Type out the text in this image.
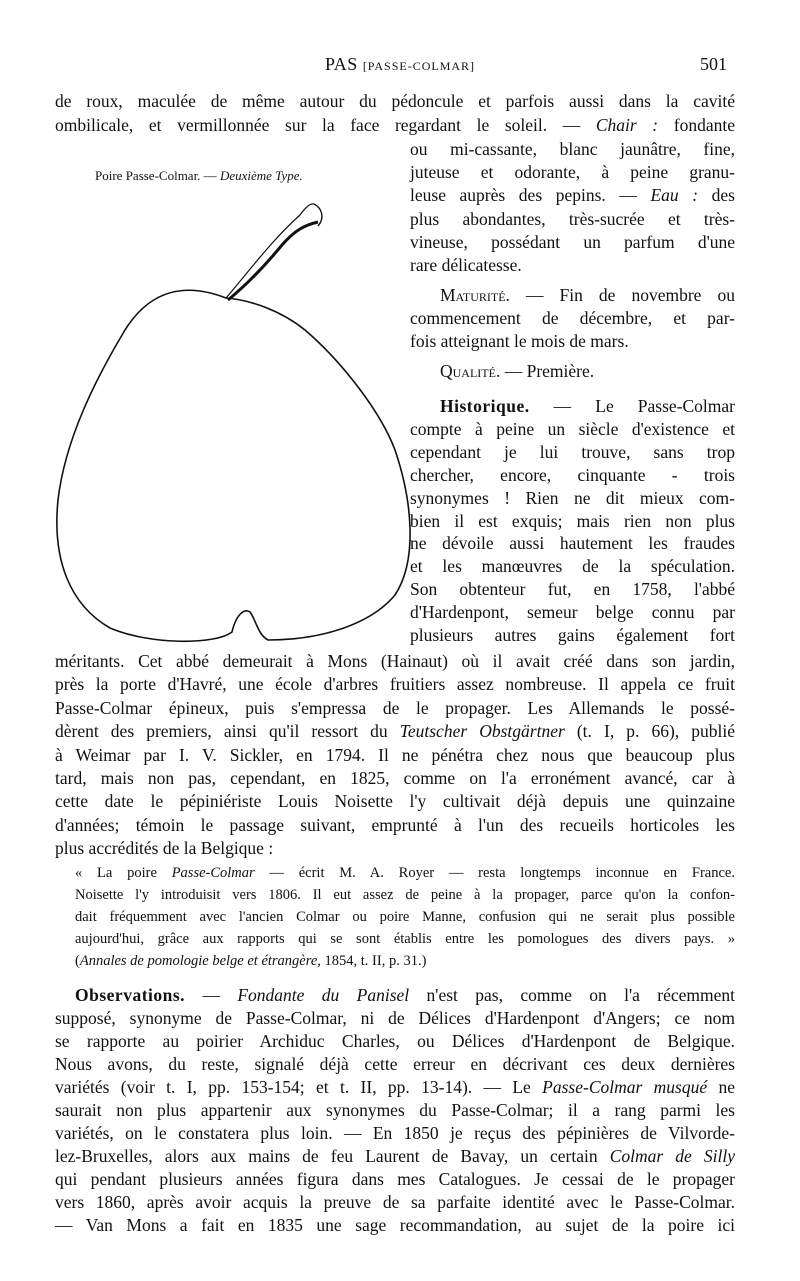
PAS [PASSE-COLMAR]	501
Poire Passe-Colmar. — Deuxième Type.
de roux, maculée de même autour du pédoncule et parfois aussi dans la cavité
ombilicale, et vermillonnée sur la face regardant le soleil. — Chair : fondante
ou mi-cassante, blanc jaunâtre, fine,
juteuse et odorante, à peine granu-
leuse auprès des pepins. — Eau : des
plus abondantes, très-sucrée et très-
vineuse, possédant un parfum d'une
rare délicatesse.
Maturité. — Fin de novembre ou
commencement de décembre, et par-
fois atteignant le mois de mars.
Qualité. — Première.
Historique. — Le Passe-Colmar
compte à peine un siècle d'existence et
cependant je lui trouve, sans trop
chercher, encore, cinquante - trois
synonymes ! Rien ne dit mieux com-
bien il est exquis; mais rien non plus
ne dévoile aussi hautement les fraudes
et les manœuvres de la spéculation.
Son obtenteur fut, en 1758, l'abbé
d'Hardenpont, semeur belge connu par
plusieurs autres gains également fort
méritants. Cet abbé demeurait à Mons (Hainaut) où il avait créé dans son jardin,
près la porte d'Havré, une école d'arbres fruitiers assez nombreuse. Il appela ce fruit
Passe-Colmar épineux, puis s'empressa de le propager. Les Allemands le possé-
dèrent des premiers, ainsi qu'il ressort du Teutscher Obstgärtner (t. I, p. 66), publié
à Weimar par I. V. Sickler, en 1794. Il ne pénétra chez nous que beaucoup plus
tard, mais non pas, cependant, en 1825, comme on l'a erronément avancé, car à
cette date le pépiniériste Louis Noisette l'y cultivait déjà depuis une quinzaine
d'années; témoin le passage suivant, emprunté à l'un des recueils horticoles les
plus accrédités de la Belgique :
« La poire Passe-Colmar — écrit M. A. Royer — resta longtemps inconnue en France.
Noisette l'y introduisit vers 1806. Il eut assez de peine à la propager, parce qu'on la confon-
dait fréquemment avec l'ancien Colmar ou poire Manne, confusion qui ne serait plus possible
aujourd'hui, grâce aux rapports qui se sont établis entre les pomologues des divers pays. »
(Annales de pomologie belge et étrangère, 1854, t. II, p. 31.)
Observations. — Fondante du Panisel n'est pas, comme on l'a récemment
supposé, synonyme de Passe-Colmar, ni de Délices d'Hardenpont d'Angers; ce nom
se rapporte au poirier Archiduc Charles, ou Délices d'Hardenpont de Belgique.
Nous avons, du reste, signalé déjà cette erreur en décrivant ces deux dernières
variétés (voir t. I, pp. 153-154; et t. II, pp. 13-14). — Le Passe-Colmar musqué ne
saurait non plus appartenir aux synonymes du Passe-Colmar; il a rang parmi les
variétés, on le constatera plus loin. — En 1850 je reçus des pépinières de Vilvorde-
lez-Bruxelles, alors aux mains de feu Laurent de Bavay, un certain Colmar de Silly
qui pendant plusieurs années figura dans mes Catalogues. Je cessai de le propager
vers 1860, après avoir acquis la preuve de sa parfaite identité avec le Passe-Colmar.
— Van Mons a fait en 1835 une sage recommandation, au sujet de la poire ici
